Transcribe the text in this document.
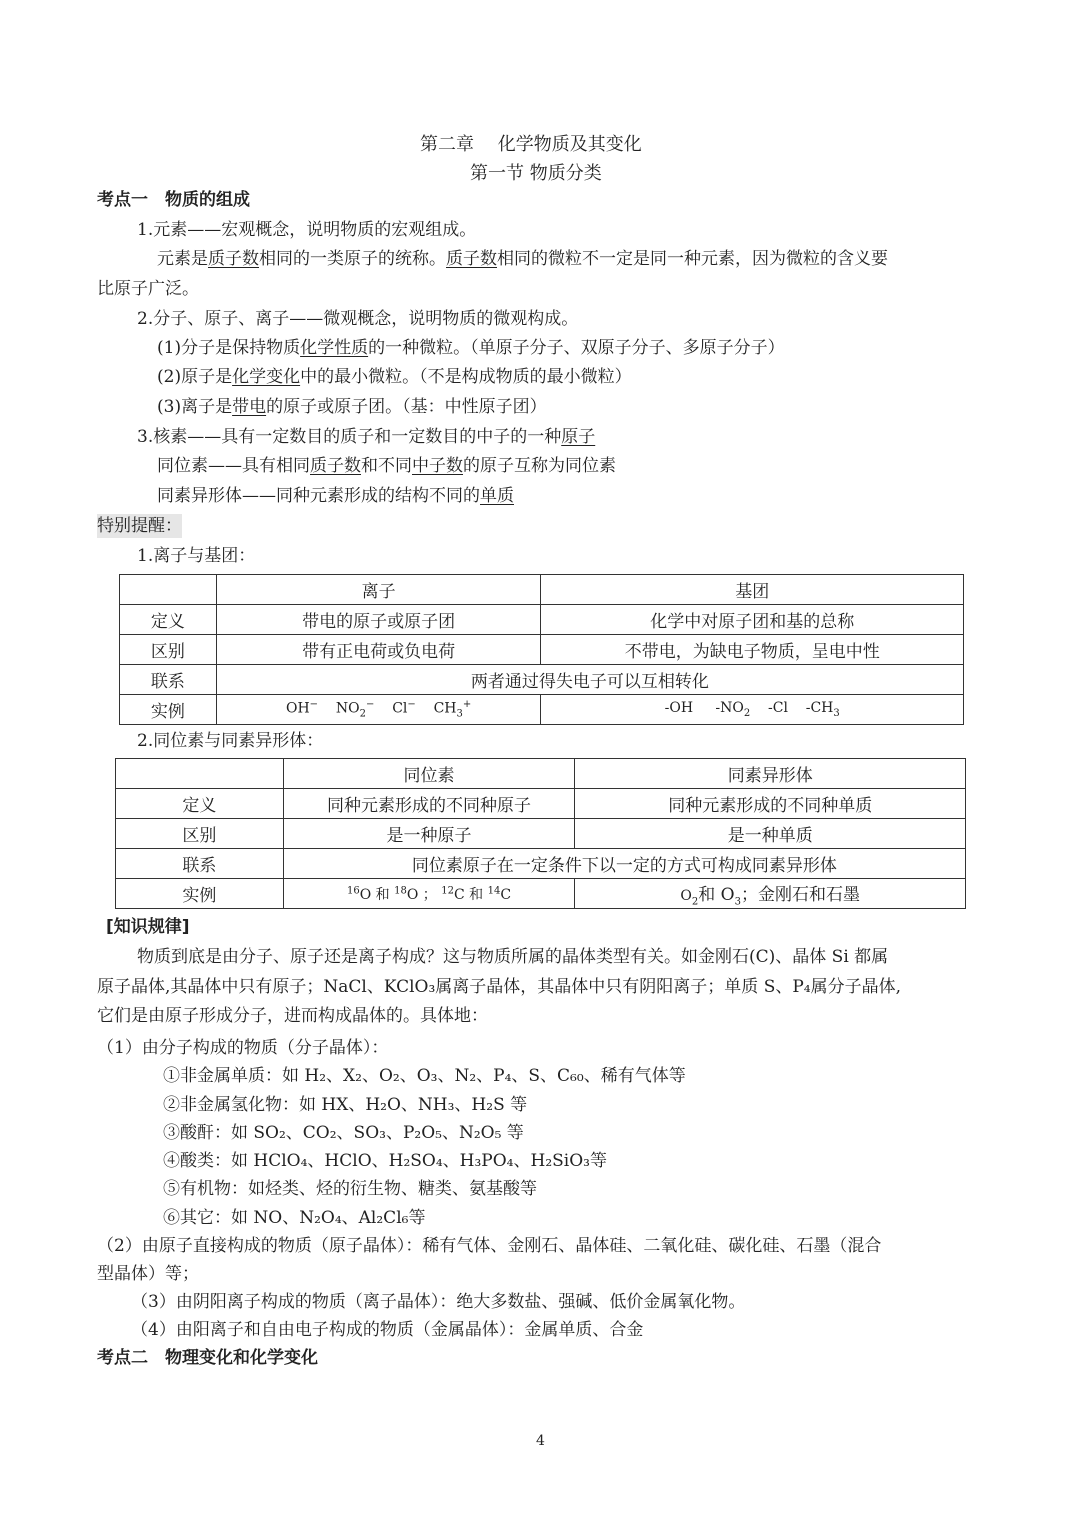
第二章　 化学物质及其变化
第一节 物质分类
考点一　物质的组成
1.元素——宏观概念，说明物质的宏观组成。
元素是质子数相同的一类原子的统称。质子数相同的微粒不一定是同一种元素，因为微粒的含义要
比原子广泛。
2.分子、原子、离子——微观概念，说明物质的微观构成。
(1)分子是保持物质化学性质的一种微粒。（单原子分子、双原子分子、多原子分子）
(2)原子是化学变化中的最小微粒。（不是构成物质的最小微粒）
(3)离子是带电的原子或原子团。（基：中性原子团）
3.核素——具有一定数目的质子和一定数目的中子的一种原子
同位素——具有相同质子数和不同中子数的原子互称为同位素
同素异形体——同种元素形成的结构不同的单质
特别提醒：
1.离子与基团：
	离子	基团
定义	带电的原子或原子团	化学中对原子团和基的总称
区别	带有正电荷或负电荷	不带电，为缺电子物质，呈电中性
联系	两者通过得失电子可以互相转化	
实例	OH− $NO_2^-$ Cl− $CH_3^+$	-OH $-NO_2$ -Cl $-CH_3$
2.同位素与同素异形体：
	同位素	同素异形体
定义	同种元素形成的不同种原子	同种元素形成的不同种单质
区别	是一种原子	是一种单质
联系	同位素原子在一定条件下以一定的方式可构成同素异形体	
实例	$^{16}$O 和 $^{18}$O ； $^{12}$C 和 $^{14}$C	$O_2$和 $O_3$；金刚石和石墨
[知识规律]
物质到底是由分子、原子还是离子构成？这与物质所属的晶体类型有关。如金刚石(C)、晶体 Si 都属
原子晶体,其晶体中只有原子；NaCl、KClO₃属离子晶体，其晶体中只有阴阳离子；单质 S、P₄属分子晶体,
它们是由原子形成分子，进而构成晶体的。具体地：
（1）由分子构成的物质（分子晶体）：
①非金属单质：如 H₂、X₂、O₂、O₃、N₂、P₄、S、C₆₀、稀有气体等
②非金属氢化物：如 HX、H₂O、NH₃、H₂S 等
③酸酐：如 SO₂、CO₂、SO₃、P₂O₅、N₂O₅ 等
④酸类：如 HClO₄、HClO、H₂SO₄、H₃PO₄、H₂SiO₃等
⑤有机物：如烃类、烃的衍生物、糖类、氨基酸等
⑥其它：如 NO、N₂O₄、Al₂Cl₆等
（2）由原子直接构成的物质（原子晶体）：稀有气体、金刚石、晶体硅、二氧化硅、碳化硅、石墨（混合
型晶体）等；
（3）由阴阳离子构成的物质（离子晶体）：绝大多数盐、强碱、低价金属氧化物。
（4）由阳离子和自由电子构成的物质（金属晶体）：金属单质、合金
考点二　物理变化和化学变化
4
